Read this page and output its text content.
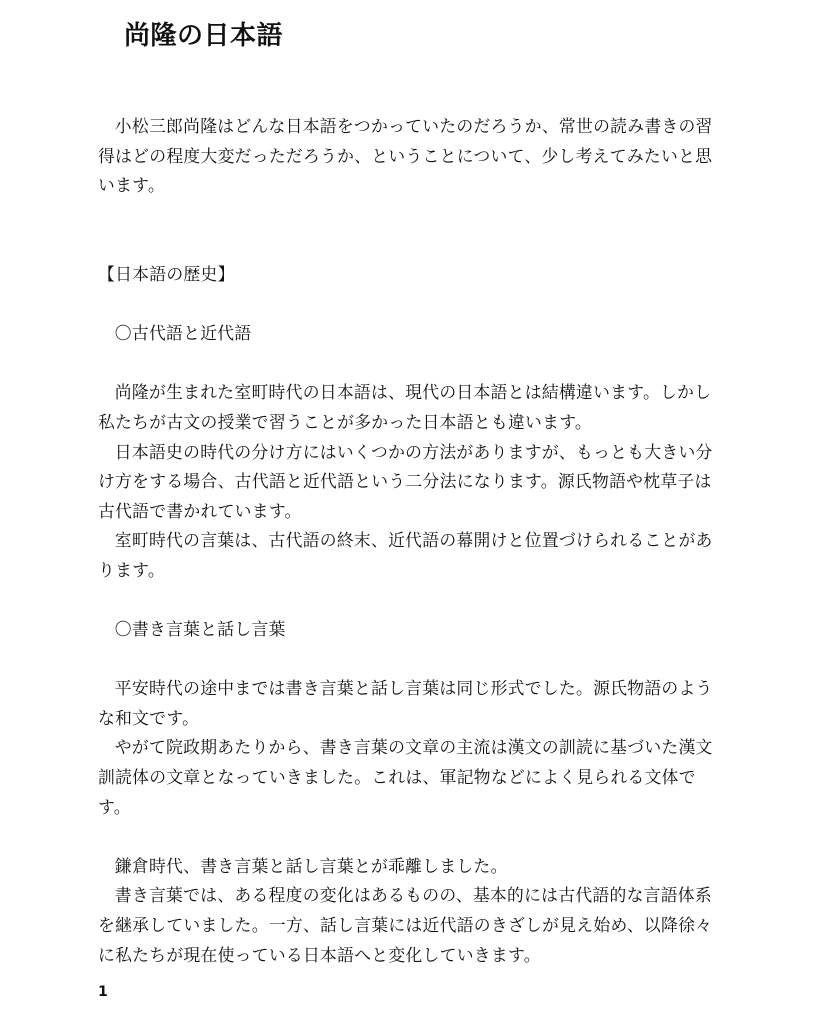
尚隆の日本語

小松三郎尚隆はどんな日本語をつかっていたのだろうか、常世の読み書きの習得はどの程度大変だっただろうか、ということについて、少し考えてみたいと思います。

【日本語の歴史】

〇古代語と近代語

尚隆が生まれた室町時代の日本語は、現代の日本語とは結構違います。しかし私たちが古文の授業で習うことが多かった日本語とも違います。

日本語史の時代の分け方にはいくつかの方法がありますが、もっとも大きい分け方をする場合、古代語と近代語という二分法になります。源氏物語や枕草子は古代語で書かれています。

室町時代の言葉は、古代語の終末、近代語の幕開けと位置づけられることがあります。

〇書き言葉と話し言葉

平安時代の途中までは書き言葉と話し言葉は同じ形式でした。源氏物語のような和文です。

やがて院政期あたりから、書き言葉の文章の主流は漢文の訓読に基づいた漢文訓読体の文章となっていきました。これは、軍記物などによく見られる文体です。

鎌倉時代、書き言葉と話し言葉とが乖離しました。

書き言葉では、ある程度の変化はあるものの、基本的には古代語的な言語体系を継承していました。一方、話し言葉には近代語のきざしが見え始め、以降徐々に私たちが現在使っている日本語へと変化していきます。

1
